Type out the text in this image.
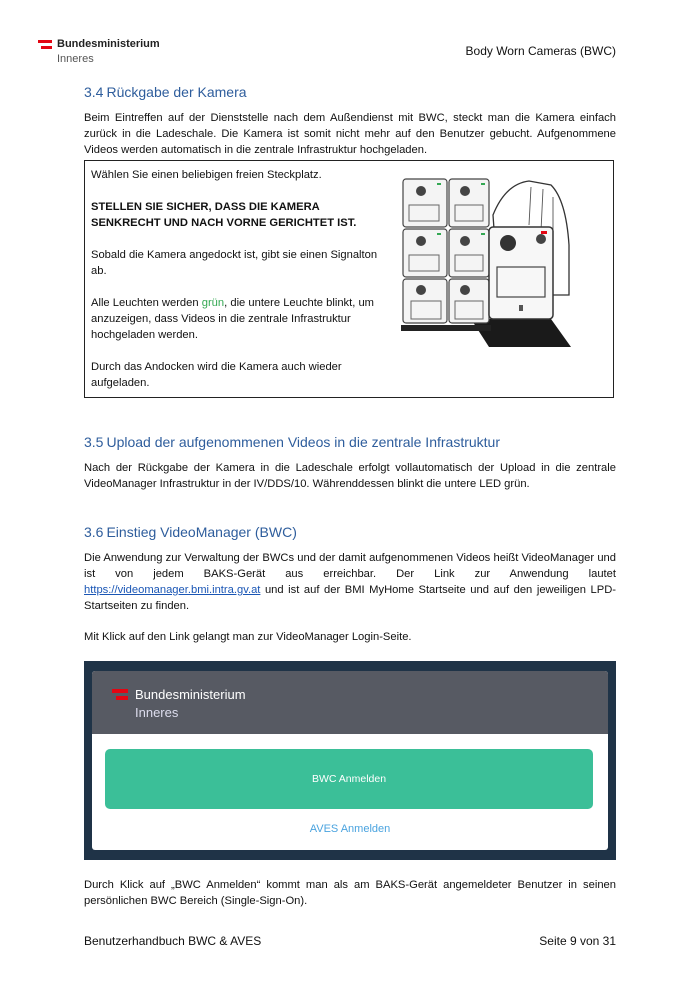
Bundesministerium
Inneres
Body Worn Cameras (BWC)
3.4 Rückgabe der Kamera

Beim Eintreffen auf der Dienststelle nach dem Außendienst mit BWC, steckt man die Kamera einfach zurück in die Ladeschale. Die Kamera ist somit nicht mehr auf den Benutzer gebucht. Aufgenommene Videos werden automatisch in die zentrale Infrastruktur hochgeladen.

Wählen Sie einen beliebigen freien Steckplatz.

STELLEN SIE SICHER, DASS DIE KAMERA SENKRECHT UND NACH VORNE GERICHTET IST.

Sobald die Kamera angedockt ist, gibt sie einen Signalton ab.

Alle Leuchten werden grün, die untere Leuchte blinkt, um anzuzeigen, dass Videos in die zentrale Infrastruktur hochgeladen werden.

Durch das Andocken wird die Kamera auch wieder aufgeladen.

3.5 Upload der aufgenommenen Videos in die zentrale Infrastruktur

Nach der Rückgabe der Kamera in die Ladeschale erfolgt vollautomatisch der Upload in die zentrale VideoManager Infrastruktur in der IV/DDS/10. Währenddessen blinkt die untere LED grün.

3.6 Einstieg VideoManager (BWC)

Die Anwendung zur Verwaltung der BWCs und der damit aufgenommenen Videos heißt VideoManager und ist von jedem BAKS-Gerät aus erreichbar. Der Link zur Anwendung lautet https://videomanager.bmi.intra.gv.at und ist auf der BMI MyHome Startseite und auf den jeweiligen LPD-Startseiten zu finden.

Mit Klick auf den Link gelangt man zur VideoManager Login-Seite.

Bundesministerium
Inneres
BWC Anmelden
AVES Anmelden

Durch Klick auf „BWC Anmelden“ kommt man als am BAKS-Gerät angemeldeter Benutzer in seinen persönlichen BWC Bereich (Single-Sign-On).

Benutzerhandbuch BWC & AVES	Seite 9 von 31
